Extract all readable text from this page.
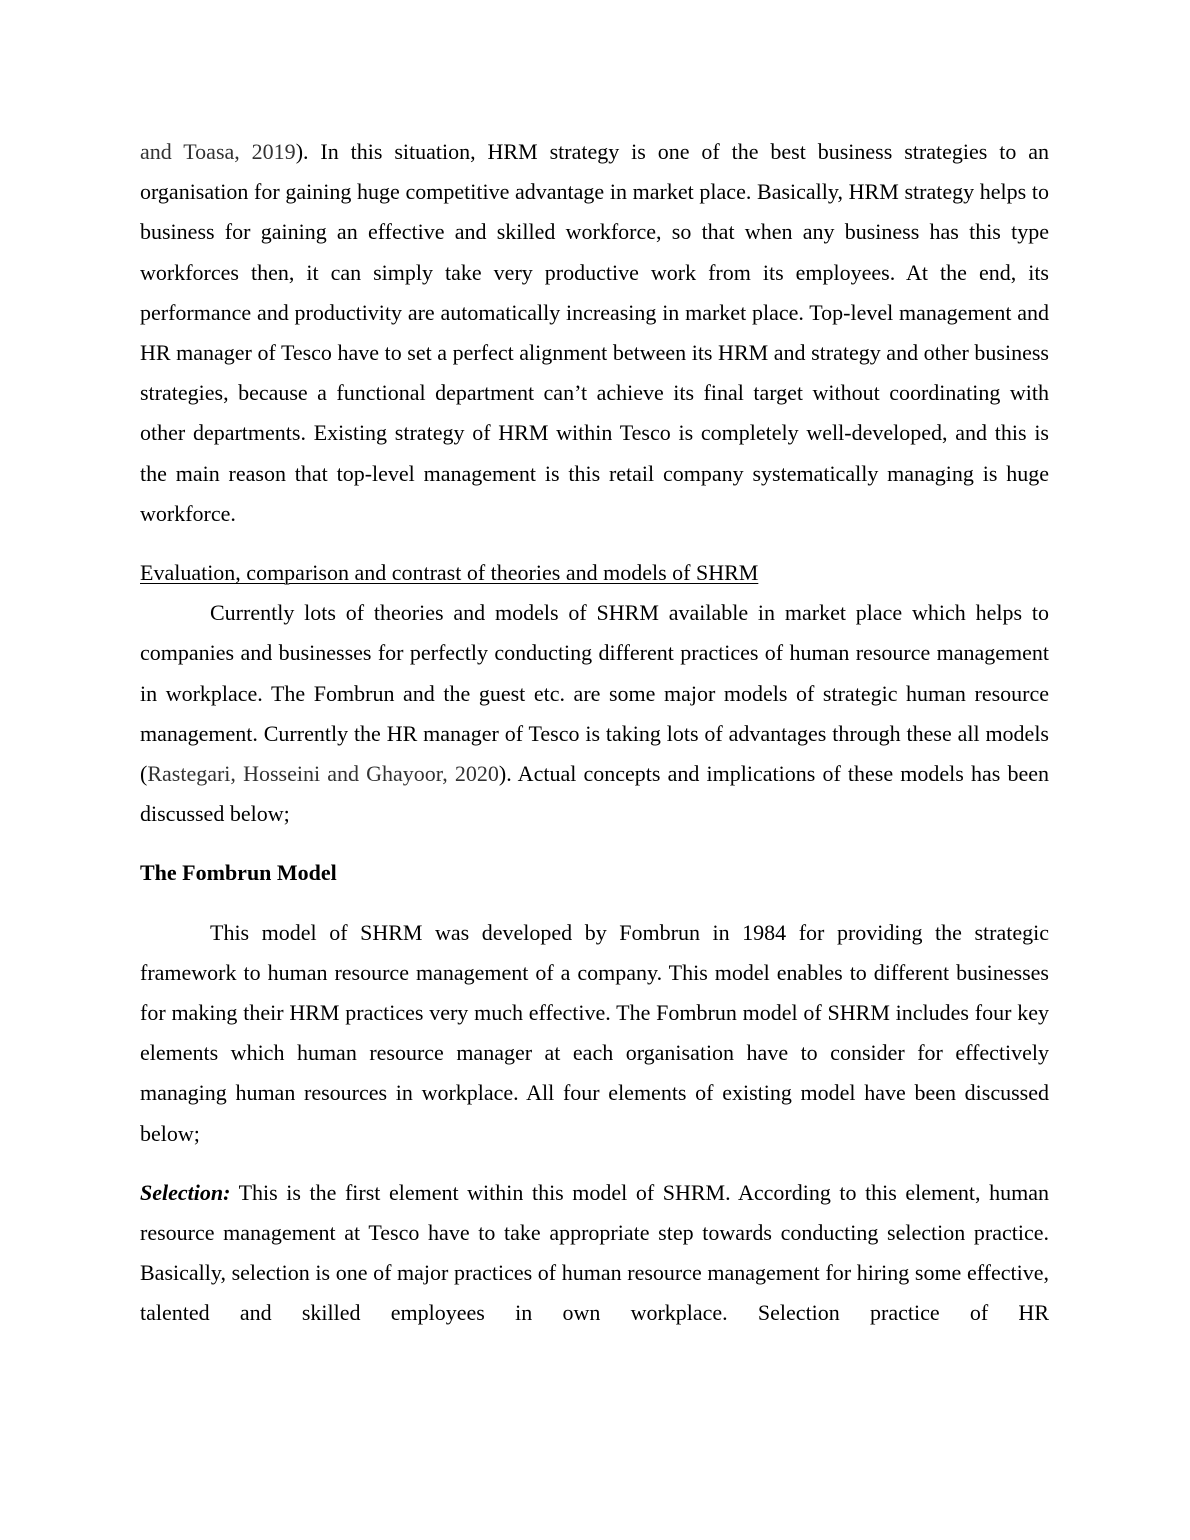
and Toasa, 2019). In this situation, HRM strategy is one of the best business strategies to an organisation for gaining huge competitive advantage in market place. Basically, HRM strategy helps to business for gaining an effective and skilled workforce, so that when any business has this type workforces then, it can simply take very productive work from its employees. At the end, its performance and productivity are automatically increasing in market place. Top-level management and HR manager of Tesco have to set a perfect alignment between its HRM and strategy and other business strategies, because a functional department can’t achieve its final target without coordinating with other departments. Existing strategy of HRM within Tesco is completely well-developed, and this is the main reason that top-level management is this retail company systematically managing is huge workforce.

Evaluation, comparison and contrast of theories and models of SHRM

Currently lots of theories and models of SHRM available in market place which helps to companies and businesses for perfectly conducting different practices of human resource management in workplace. The Fombrun and the guest etc. are some major models of strategic human resource management. Currently the HR manager of Tesco is taking lots of advantages through these all models (Rastegari, Hosseini and Ghayoor, 2020). Actual concepts and implications of these models has been discussed below;

The Fombrun Model

This model of SHRM was developed by Fombrun in 1984 for providing the strategic framework to human resource management of a company. This model enables to different businesses for making their HRM practices very much effective. The Fombrun model of SHRM includes four key elements which human resource manager at each organisation have to consider for effectively managing human resources in workplace. All four elements of existing model have been discussed below;

Selection: This is the first element within this model of SHRM. According to this element, human resource management at Tesco have to take appropriate step towards conducting selection practice. Basically, selection is one of major practices of human resource management for hiring some effective, talented and skilled employees in own workplace. Selection practice of HR
